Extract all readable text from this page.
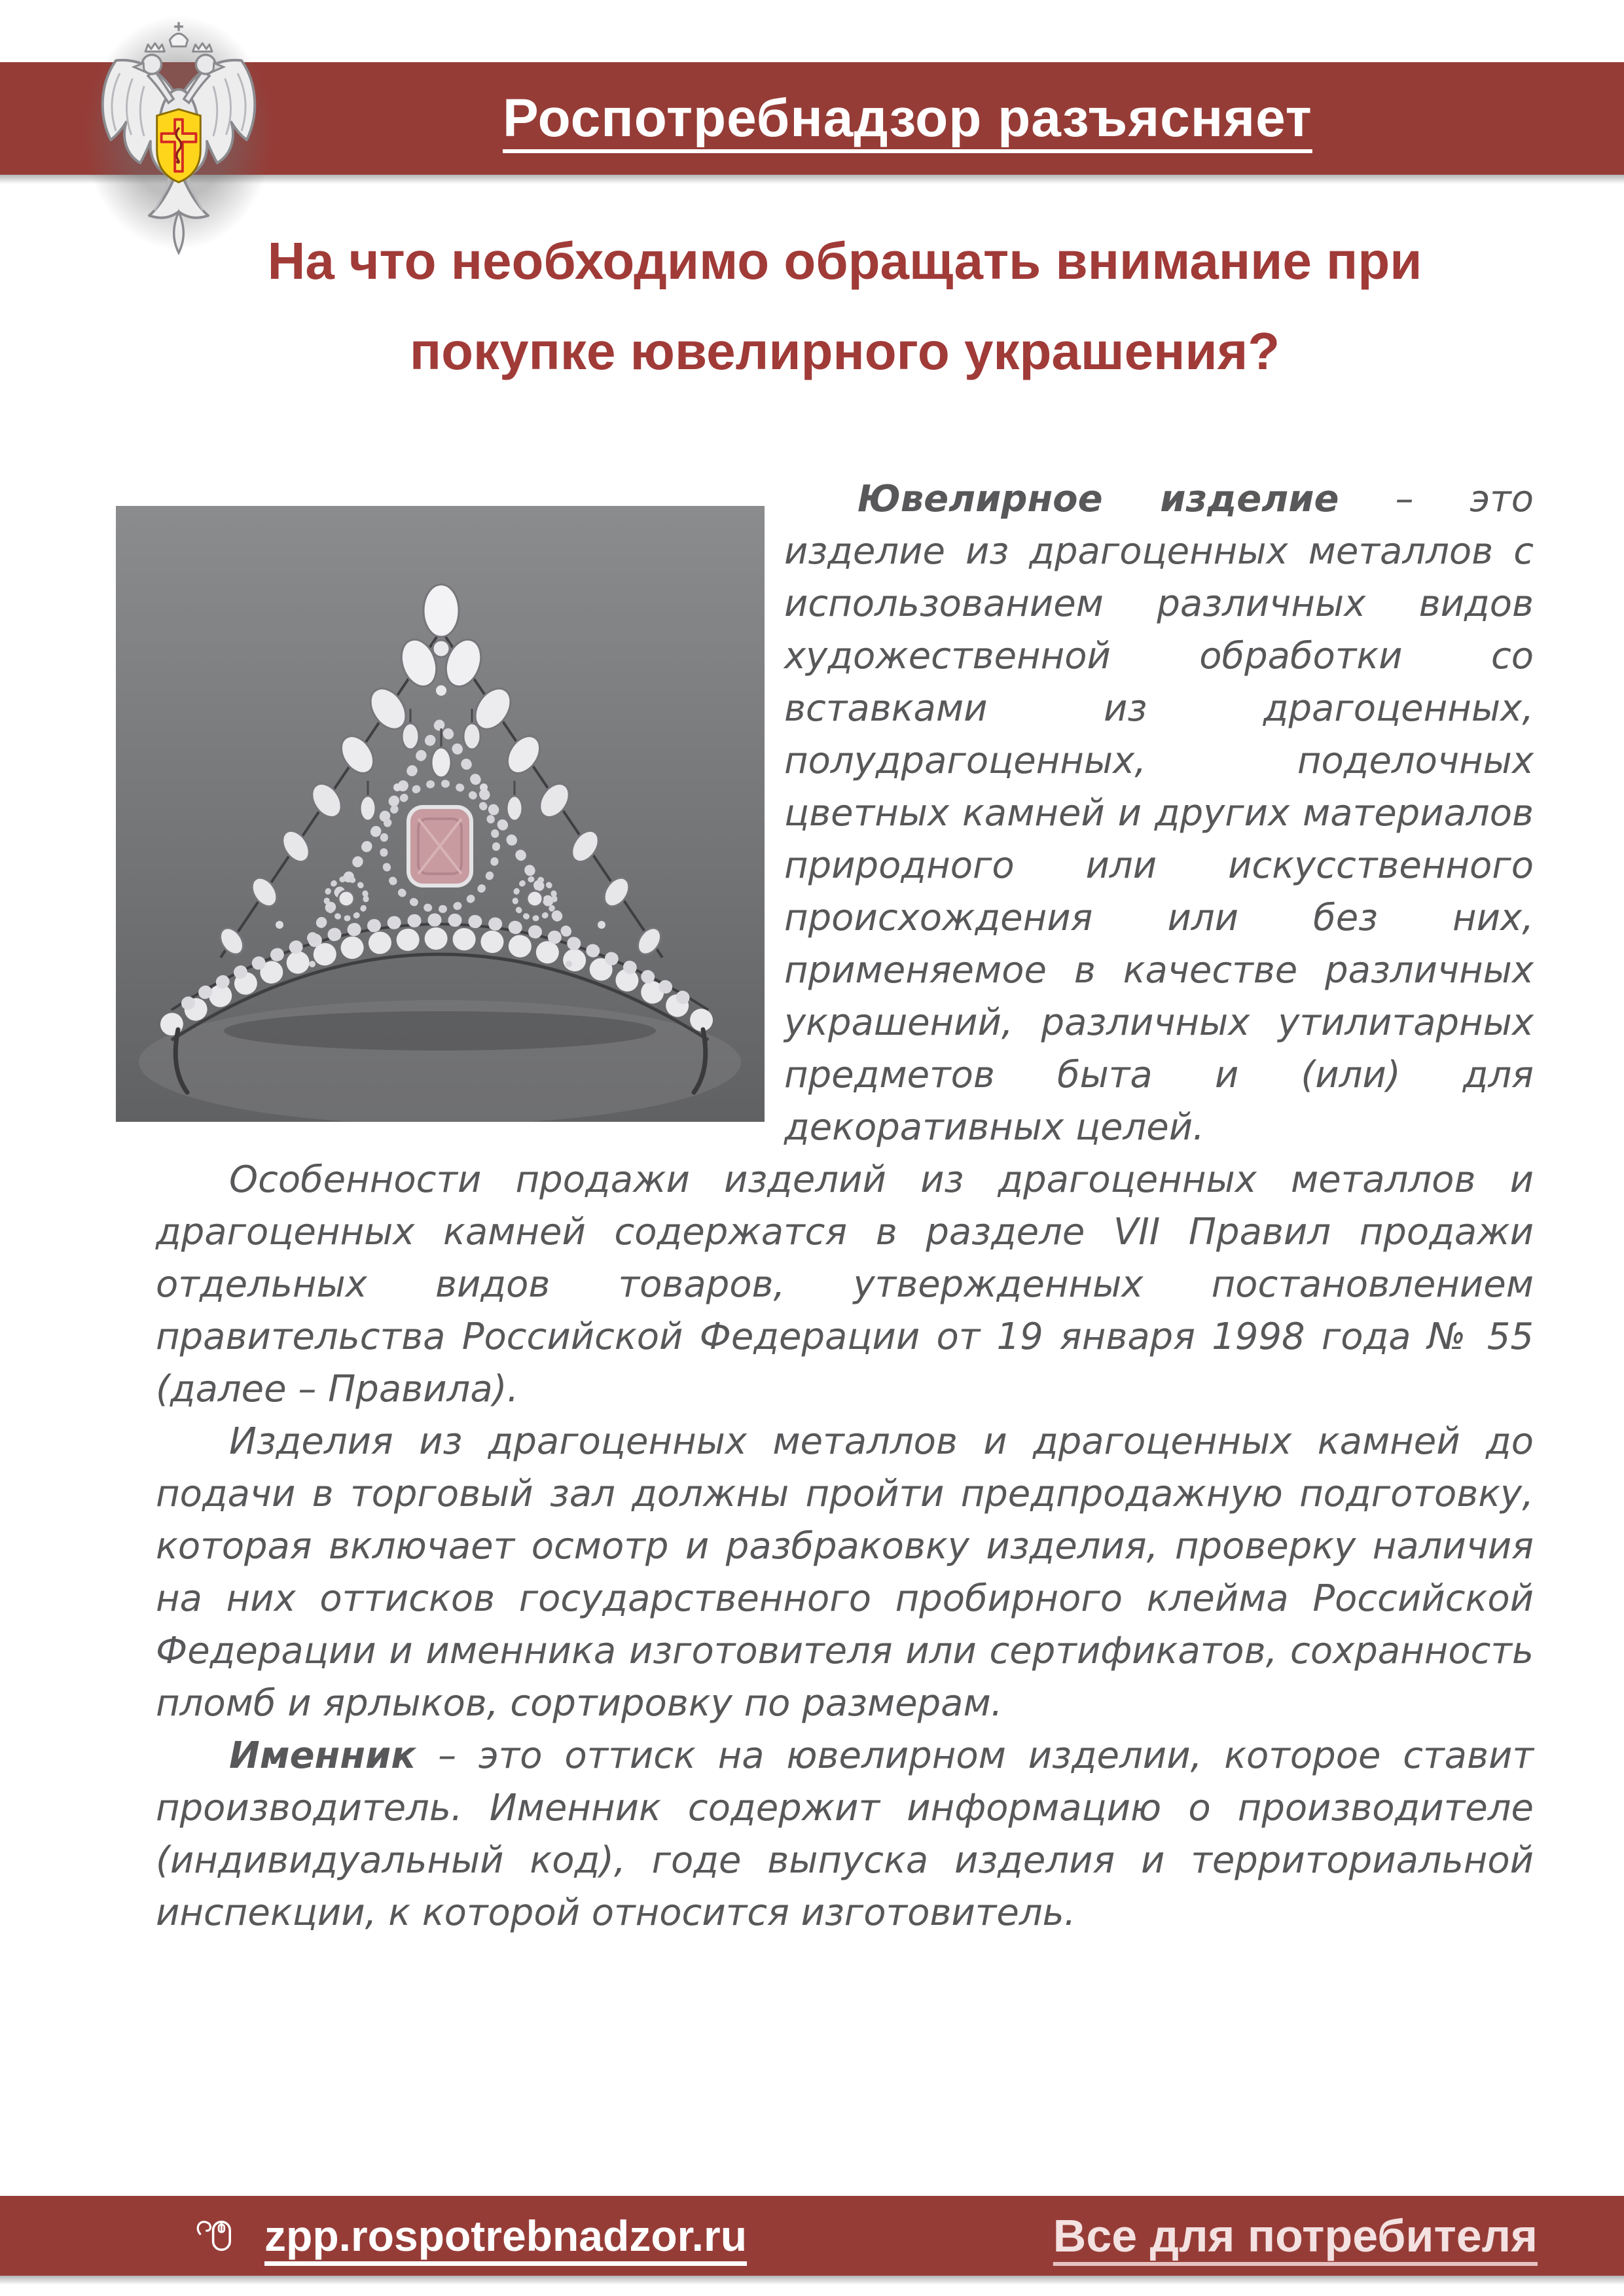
Роспотребнадзор разъясняет
На что необходимо обращать внимание при
покупке ювелирного украшения?

Ювелирное изделие – это изделие из драгоценных металлов с использованием различных видов художественной обработки со вставками из драгоценных, полудрагоценных, поделочных цветных камней и других материалов природного или искусственного происхождения или без них, применяемое в качестве различных украшений, различных утилитарных предметов быта и (или) для декоративных целей.

Особенности продажи изделий из драгоценных металлов и драгоценных камней содержатся в разделе VII Правил продажи отдельных видов товаров, утвержденных постановлением правительства Российской Федерации от 19 января 1998 года № 55 (далее – Правила).

Изделия из драгоценных металлов и драгоценных камней до подачи в торговый зал должны пройти предпродажную подготовку, которая включает осмотр и разбраковку изделия, проверку наличия на них оттисков государственного пробирного клейма Российской Федерации и именника изготовителя или сертификатов, сохранность пломб и ярлыков, сортировку по размерам.

Именник – это оттиск на ювелирном изделии, которое ставит производитель. Именник содержит информацию о производителе (индивидуальный код), годе выпуска изделия и территориальной инспекции, к которой относится изготовитель.

zpp.rospotrebnadzor.ru	Все для потребителя
